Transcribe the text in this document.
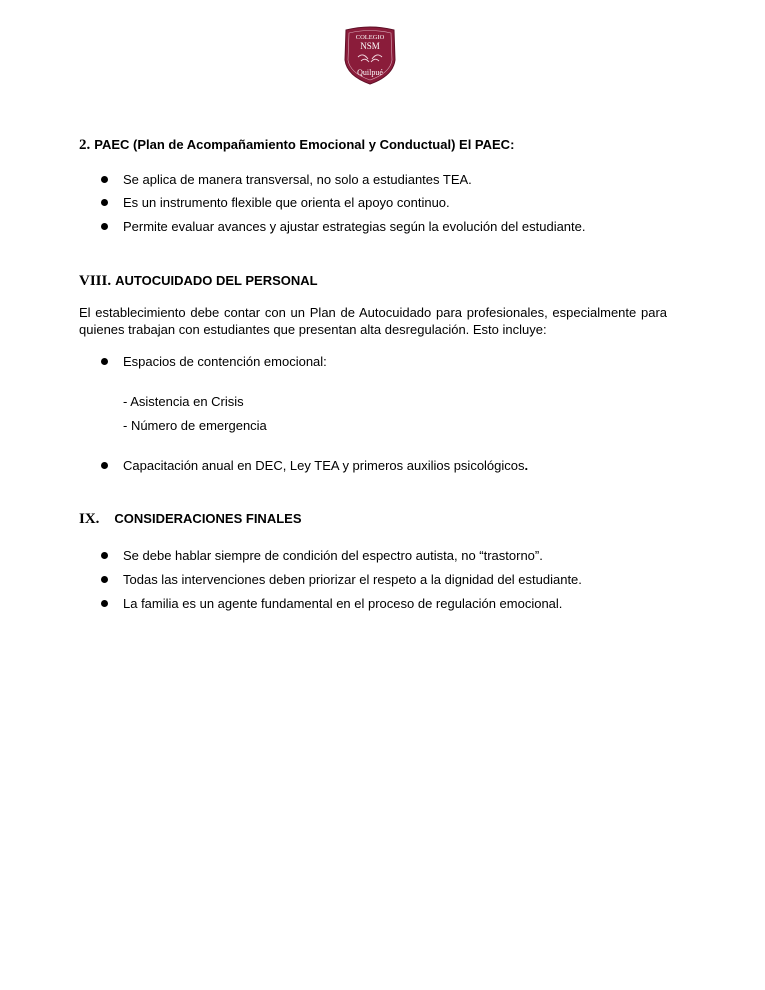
COLEGIO
NSM
Quilpué
2. PAEC (Plan de Acompañamiento Emocional y Conductual) El PAEC:
Se aplica de manera transversal, no solo a estudiantes TEA.
Es un instrumento flexible que orienta el apoyo continuo.
Permite evaluar avances y ajustar estrategias según la evolución del estudiante.
VIII. AUTOCUIDADO DEL PERSONAL
El establecimiento debe contar con un Plan de Autocuidado para profesionales, especialmente para quienes trabajan con estudiantes que presentan alta desregulación. Esto incluye:
Espacios de contención emocional:
- Asistencia en Crisis
- Número de emergencia
Capacitación anual en DEC, Ley TEA y primeros auxilios psicológicos.
IX. CONSIDERACIONES FINALES
Se debe hablar siempre de condición del espectro autista, no “trastorno”.
Todas las intervenciones deben priorizar el respeto a la dignidad del estudiante.
La familia es un agente fundamental en el proceso de regulación emocional.
